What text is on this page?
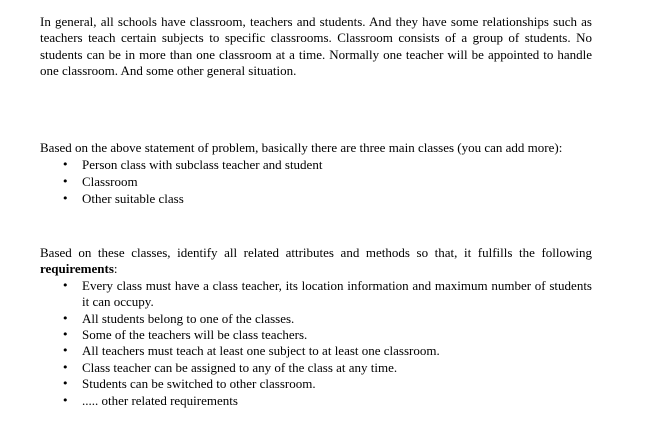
In general, all schools have classroom, teachers and students. And they have some relationships such as teachers teach certain subjects to specific classrooms. Classroom consists of a group of students. No students can be in more than one classroom at a time. Normally one teacher will be appointed to handle one classroom. And some other general situation.

Based on the above statement of problem, basically there are three main classes (you can add more):

• Person class with subclass teacher and student
• Classroom
• Other suitable class

Based on these classes, identify all related attributes and methods so that, it fulfills the following requirements:

• Every class must have a class teacher, its location information and maximum number of students it can occupy.
• All students belong to one of the classes.
• Some of the teachers will be class teachers.
• All teachers must teach at least one subject to at least one classroom.
• Class teacher can be assigned to any of the class at any time.
• Students can be switched to other classroom.
• ..... other related requirements
